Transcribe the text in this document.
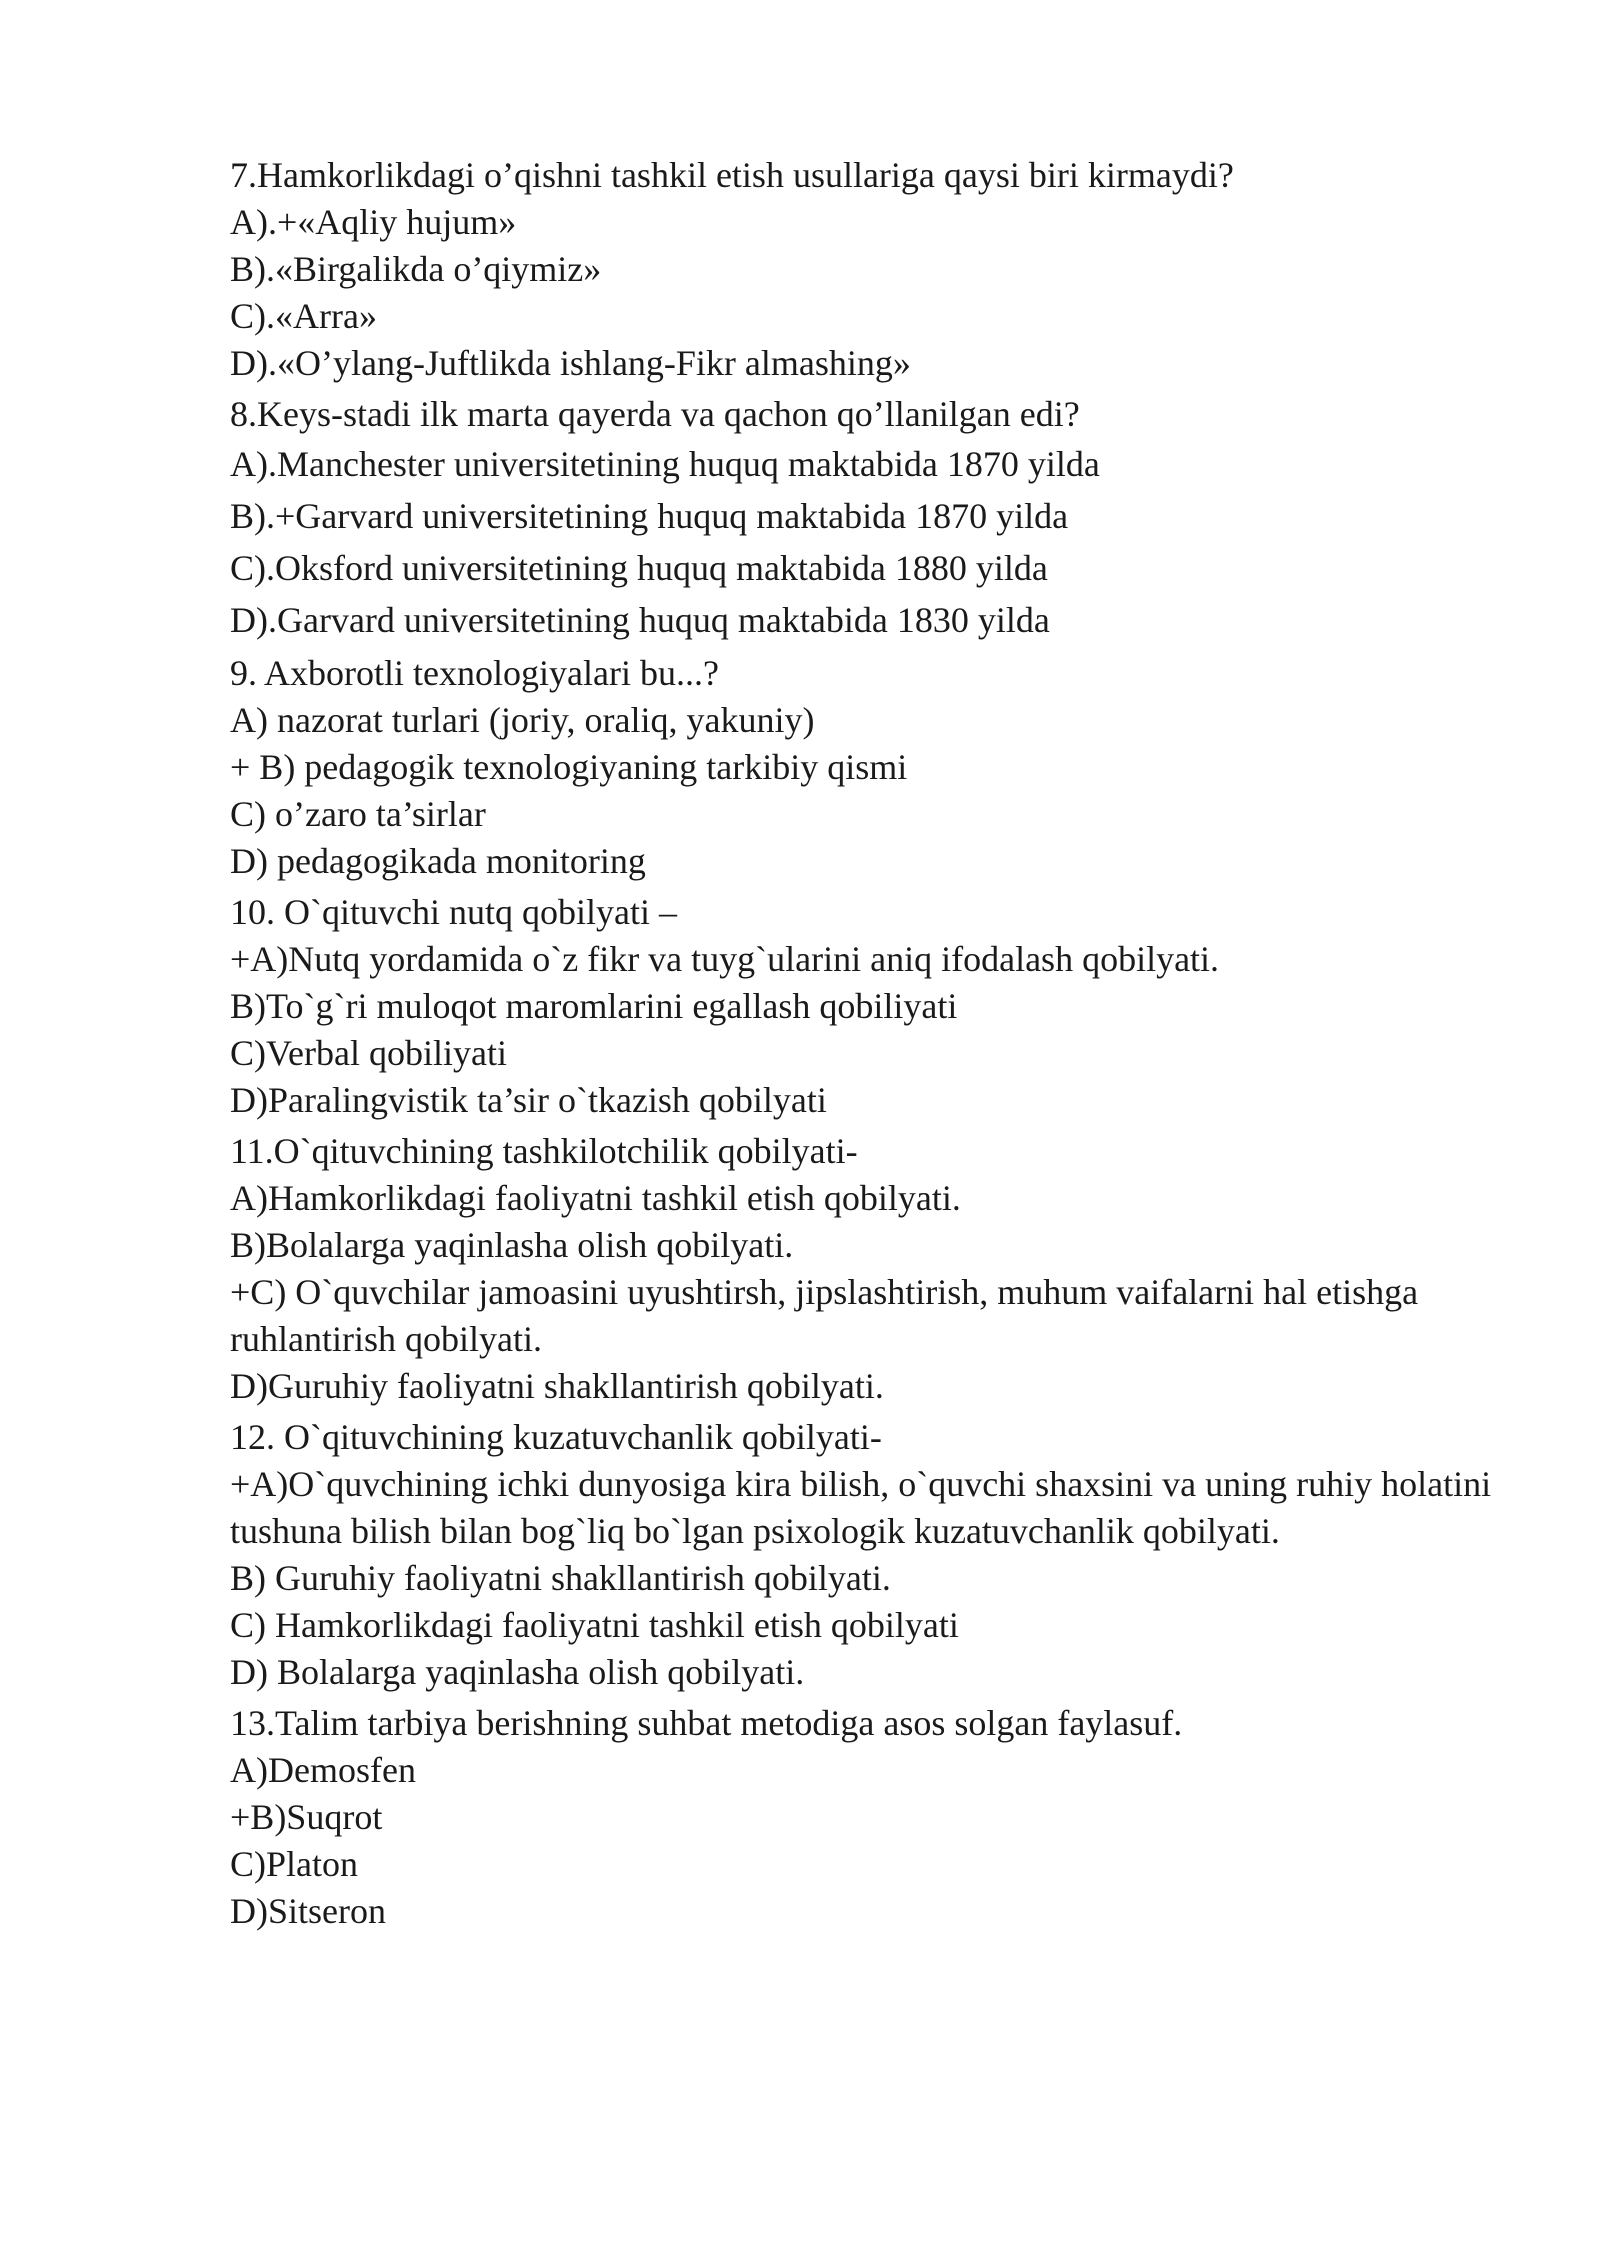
7.Hamkorlikdagi o’qishni tashkil etish usullariga qaysi biri kirmaydi?
A).+«Aqliy hujum»
B).«Birgalikda o’qiymiz»
C).«Arra»
D).«O’ylang-Juftlikda ishlang-Fikr almashing»
8.Keys-stadi ilk marta qayerda va qachon qo’llanilgan edi?
A).Manchester universitetining huquq maktabida 1870 yilda
B).+Garvard universitetining huquq maktabida 1870 yilda
C).Oksford universitetining huquq maktabida 1880 yilda
D).Garvard universitetining huquq maktabida 1830 yilda
9. Axborotli texnologiyalari bu...?
A) nazorat turlari (joriy, oraliq, yakuniy)
+ B) pedagogik texnologiyaning tarkibiy qismi
C) o’zaro ta’sirlar
D) pedagogikada monitoring
10. O`qituvchi nutq qobilyati –
+A)Nutq yordamida o`z fikr va tuyg`ularini aniq ifodalash qobilyati.
B)To`g`ri muloqot maromlarini egallash qobiliyati
C)Verbal qobiliyati
D)Paralingvistik ta’sir o`tkazish qobilyati
11.O`qituvchining tashkilotchilik qobilyati-
A)Hamkorlikdagi faoliyatni tashkil etish qobilyati.
B)Bolalarga yaqinlasha olish qobilyati.
+C) O`quvchilar jamoasini uyushtirsh, jipslashtirish, muhum vaifalarni hal etishga ruhlantirish qobilyati.
D)Guruhiy faoliyatni shakllantirish qobilyati.
12. O`qituvchining kuzatuvchanlik qobilyati-
+A)O`quvchining ichki dunyosiga kira bilish, o`quvchi shaxsini va uning ruhiy holatini tushuna bilish bilan bog`liq bo`lgan psixologik kuzatuvchanlik qobilyati.
B) Guruhiy faoliyatni shakllantirish qobilyati.
C) Hamkorlikdagi faoliyatni tashkil etish qobilyati
D) Bolalarga yaqinlasha olish qobilyati.
13.Talim tarbiya berishning suhbat metodiga asos solgan faylasuf.
A)Demosfen
+B)Suqrot
C)Platon
D)Sitseron
